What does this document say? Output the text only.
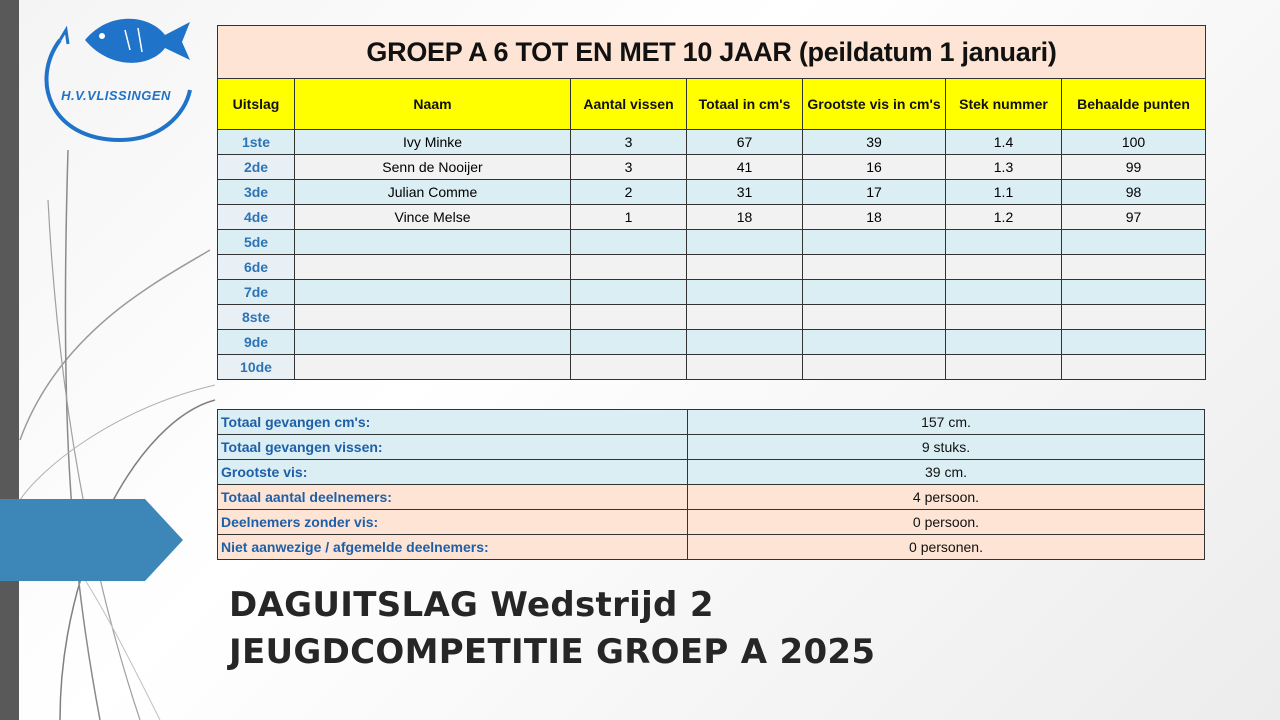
H.V.VLISSINGEN
GROEP A 6 TOT EN MET 10 JAAR (peildatum 1 januari)						
Uitslag	Naam	Aantal vissen	Totaal in cm's	Grootste vis in cm's	Stek nummer	Behaalde punten
1ste	Ivy Minke	3	67	39	1.4	100
2de	Senn de Nooijer	3	41	16	1.3	99
3de	Julian Comme	2	31	17	1.1	98
4de	Vince Melse	1	18	18	1.2	97
5de						
6de						
7de						
8ste						
9de						
10de						
Totaal gevangen cm's:	157 cm.
Totaal gevangen vissen:	9 stuks.
Grootste vis:	39 cm.
Totaal aantal deelnemers:	4 persoon.
Deelnemers zonder vis:	0 persoon.
Niet aanwezige / afgemelde deelnemers:	0 personen.
DAGUITSLAG Wedstrijd 2
JEUGDCOMPETITIE GROEP A 2025
